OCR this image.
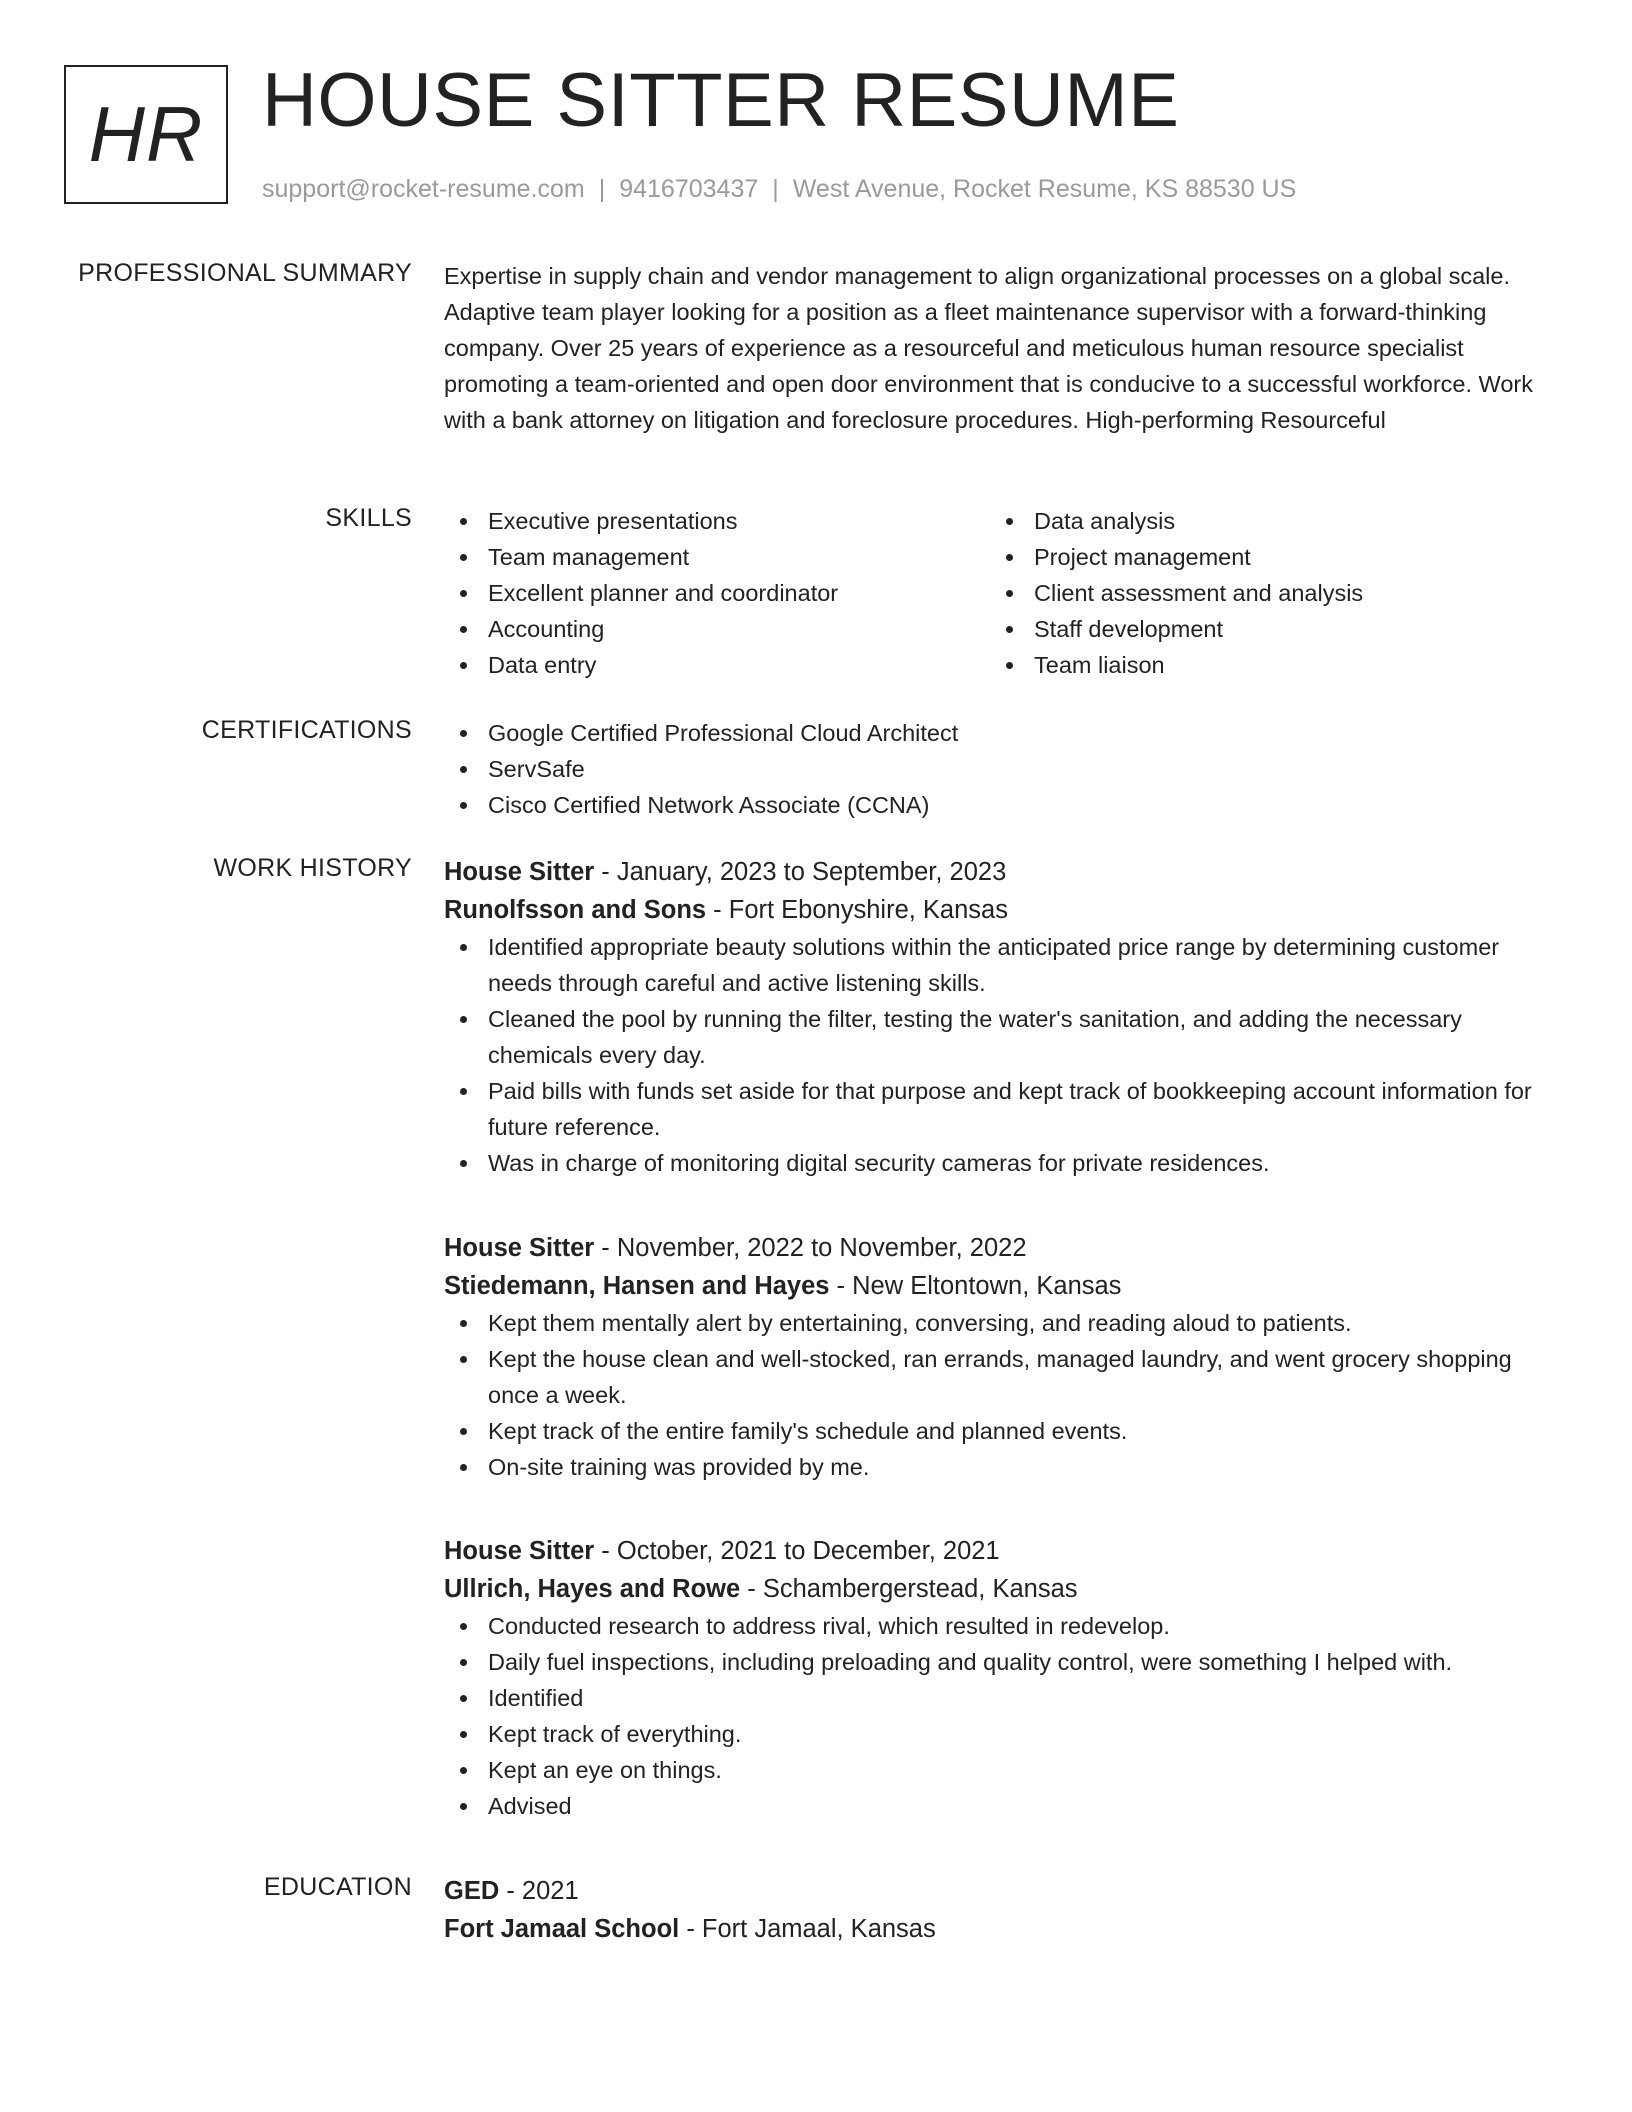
HR HOUSE SITTER RESUME
support@rocket-resume.com | 9416703437 | West Avenue, Rocket Resume, KS 88530 US
PROFESSIONAL SUMMARY Expertise in supply chain and vendor management to align organizational processes on a global scale. Adaptive team player looking for a position as a fleet maintenance supervisor with a forward-thinking company. Over 25 years of experience as a resourceful and meticulous human resource specialist promoting a team-oriented and open door environment that is conducive to a successful workforce. Work with a bank attorney on litigation and foreclosure procedures. High-performing Resourceful

SKILLS	Executive presentations
Team management
Excellent planner and coordinator
Accounting
Data entry
Data analysis
Project management
Client assessment and analysis
Staff development
Team liaison
CERTIFICATIONS	Google Certified Professional Cloud Architect
ServSafe
Cisco Certified Network Associate (CCNA)
WORK HISTORY House Sitter - January, 2023 to September, 2023
Runolfsson and Sons - Fort Ebonyshire, Kansas
Identified appropriate beauty solutions within the anticipated price range by determining customer needs through careful and active listening skills.
Cleaned the pool by running the filter, testing the water's sanitation, and adding the necessary chemicals every day.
Paid bills with funds set aside for that purpose and kept track of bookkeeping account information for future reference.
Was in charge of monitoring digital security cameras for private residences.
House Sitter - November, 2022 to November, 2022
Stiedemann, Hansen and Hayes - New Eltontown, Kansas
Kept them mentally alert by entertaining, conversing, and reading aloud to patients.
Kept the house clean and well-stocked, ran errands, managed laundry, and went grocery shopping once a week.
Kept track of the entire family's schedule and planned events.
On-site training was provided by me.
House Sitter - October, 2021 to December, 2021
Ullrich, Hayes and Rowe - Schambergerstead, Kansas
Conducted research to address rival, which resulted in redevelop.
Daily fuel inspections, including preloading and quality control, were something I helped with.
Identified
Kept track of everything.
Kept an eye on things.
Advised
EDUCATION GED - 2021
Fort Jamaal School - Fort Jamaal, Kansas
